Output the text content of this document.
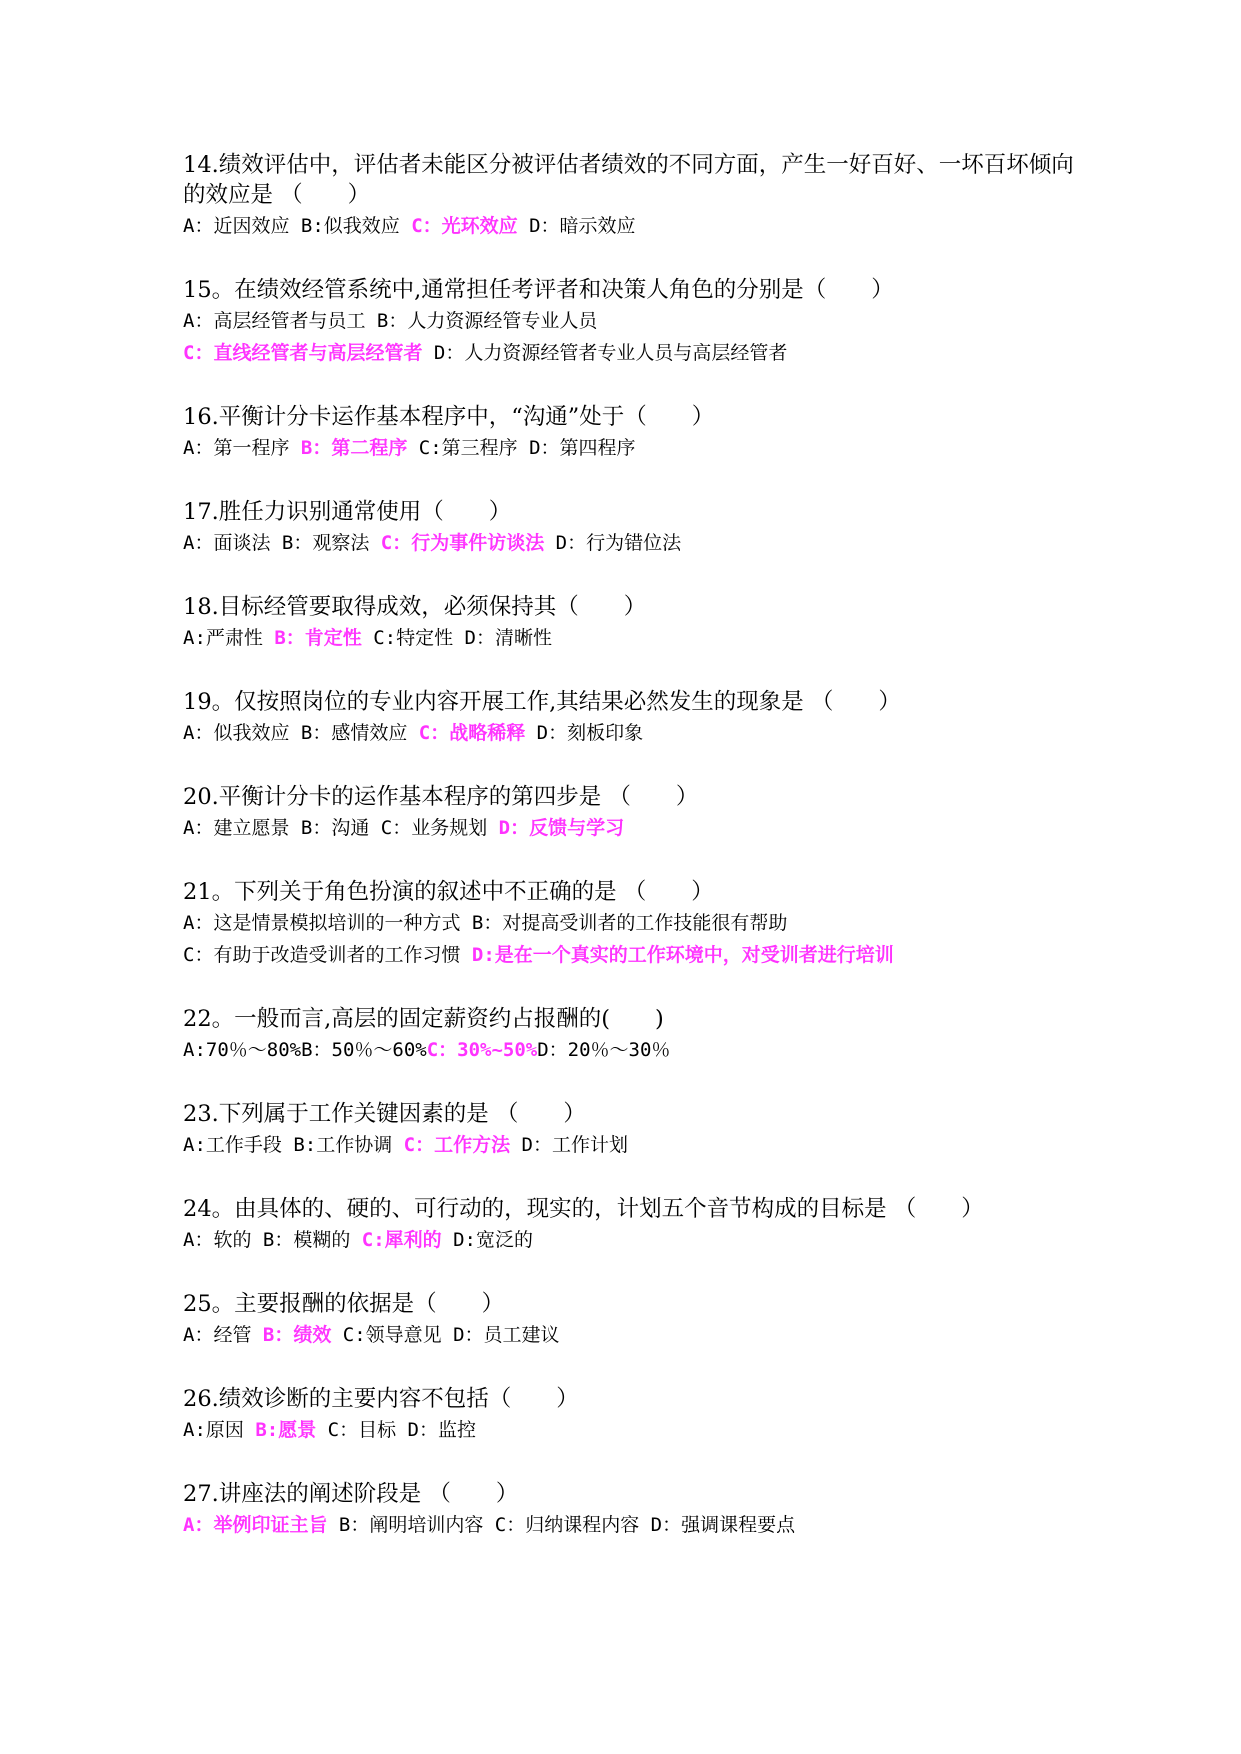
14.绩效评估中，评估者未能区分被评估者绩效的不同方面，产生一好百好、一坏百坏倾向的效应是 （　　）

A：近因效应 B:似我效应 C：光环效应 D：暗示效应

15。在绩效经管系统中,通常担任考评者和决策人角色的分别是（　　）

A：高层经管者与员工 B：人力资源经管专业人员

C：直线经管者与高层经管者 D：人力资源经管者专业人员与高层经管者

16.平衡计分卡运作基本程序中，“沟通”处于（　　）

A：第一程序 B：第二程序 C:第三程序 D：第四程序

17.胜任力识别通常使用（　　）

A：面谈法 B：观察法 C：行为事件访谈法 D：行为错位法

18.目标经管要取得成效，必须保持其（　　）

A:严肃性 B：肯定性 C:特定性 D：清晰性

19。仅按照岗位的专业内容开展工作,其结果必然发生的现象是 （　　）

A：似我效应 B：感情效应 C：战略稀释 D：刻板印象

20.平衡计分卡的运作基本程序的第四步是 （　　）

A：建立愿景 B：沟通 C：业务规划 D：反馈与学习

21。下列关于角色扮演的叙述中不正确的是 （　　）

A：这是情景模拟培训的一种方式 B：对提高受训者的工作技能很有帮助

C：有助于改造受训者的工作习惯 D:是在一个真实的工作环境中，对受训者进行培训

22。一般而言,高层的固定薪资约占报酬的(　　)

A:70％～80%B：50％～60%C：30%~50%D：20％～30％

23.下列属于工作关键因素的是 （　　）

A:工作手段 B:工作协调 C：工作方法 D：工作计划

24。由具体的、硬的、可行动的，现实的，计划五个音节构成的目标是 （　　）

A：软的 B：模糊的 C:犀利的 D:宽泛的

25。主要报酬的依据是（　　）

A：经管 B：绩效 C:领导意见 D：员工建议

26.绩效诊断的主要内容不包括（　　）

A:原因 B:愿景 C：目标 D：监控

27.讲座法的阐述阶段是 （　　）

A：举例印证主旨 B：阐明培训内容 C：归纳课程内容 D：强调课程要点
